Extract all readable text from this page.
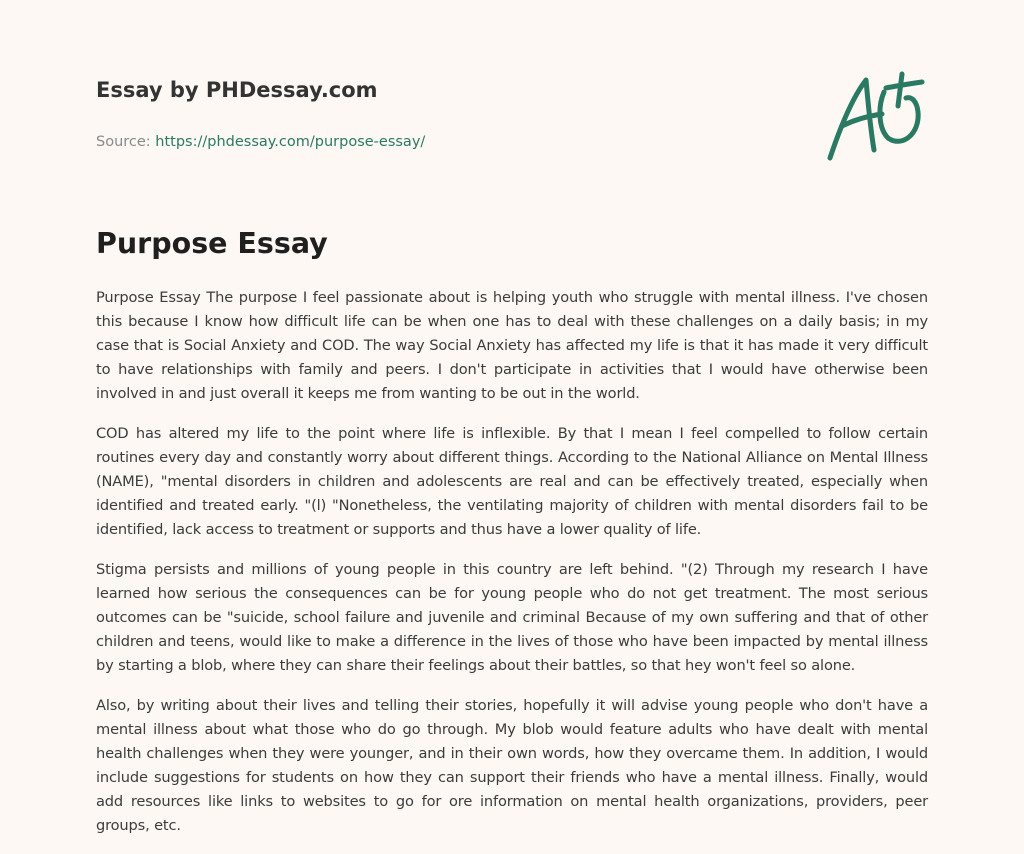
Essay by PHDessay.com
Source: https://phdessay.com/purpose-essay/
Purpose Essay

Purpose Essay The purpose I feel passionate about is helping youth who struggle with mental illness. I've chosen this because I know how difficult life can be when one has to deal with these challenges on a daily basis; in my case that is Social Anxiety and COD. The way Social Anxiety has affected my life is that it has made it very difficult to have relationships with family and peers. I don't participate in activities that I would have otherwise been involved in and just overall it keeps me from wanting to be out in the world.

COD has altered my life to the point where life is inflexible. By that I mean I feel compelled to follow certain routines every day and constantly worry about different things. According to the National Alliance on Mental Illness (NAME), "mental disorders in children and adolescents are real and can be effectively treated, especially when identified and treated early. "(l) "Nonetheless, the ventilating majority of children with mental disorders fail to be identified, lack access to treatment or supports and thus have a lower quality of life.

Stigma persists and millions of young people in this country are left behind. "(2) Through my research I have learned how serious the consequences can be for young people who do not get treatment. The most serious outcomes can be "suicide, school failure and juvenile and criminal Because of my own suffering and that of other children and teens, would like to make a difference in the lives of those who have been impacted by mental illness by starting a blob, where they can share their feelings about their battles, so that hey won't feel so alone.

Also, by writing about their lives and telling their stories, hopefully it will advise young people who don't have a mental illness about what those who do go through. My blob would feature adults who have dealt with mental health challenges when they were younger, and in their own words, how they overcame them. In addition, I would include suggestions for students on how they can support their friends who have a mental illness. Finally, would add resources like links to websites to go for ore information on mental health organizations, providers, peer groups, etc.
